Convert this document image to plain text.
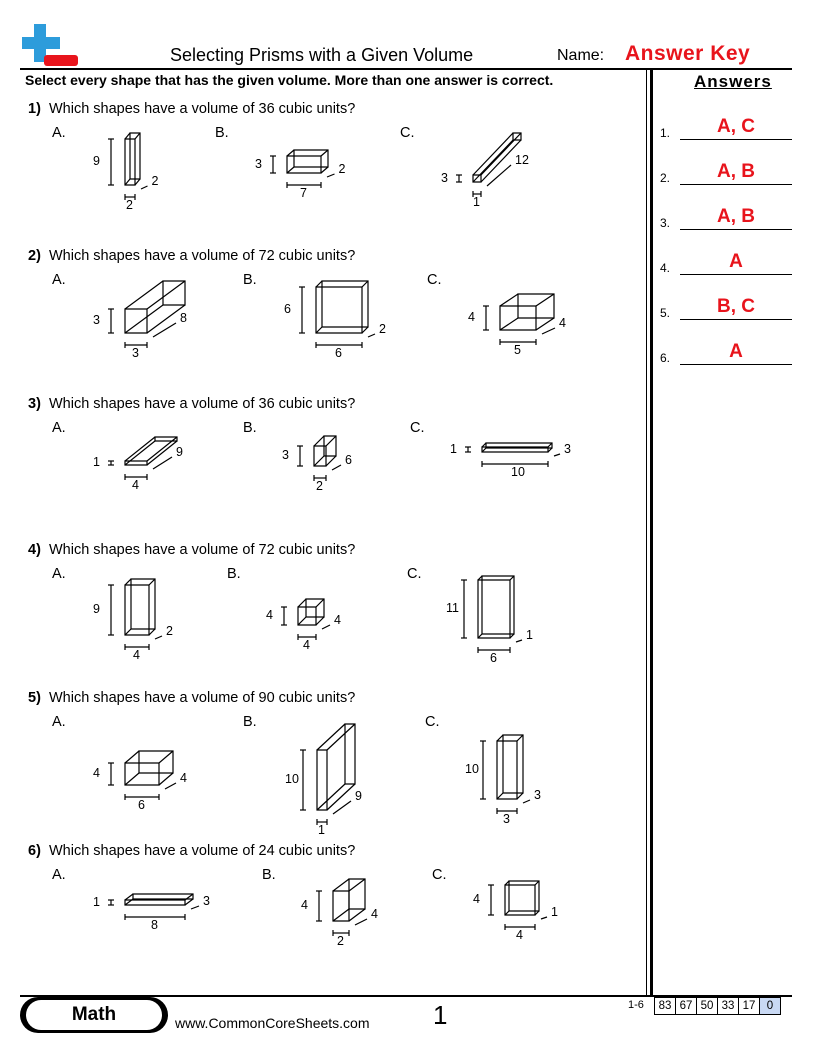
Selecting Prisms with a Given Volume	Name: Answer Key
Select every shape that has the given volume. More than one answer is correct.	Answers
1.	A, C
2.	A, B
3.	A, B
4.	A
5.	B, C
6.	A
1) Which shapes have a volume of 36 cubic units?
A.
9
2
2
B.
3	2
7
C.
3
12
1
2) Which shapes have a volume of 72 cubic units?
A.
3	8
3
B.
6
2
6
C.
4	4
5
3) Which shapes have a volume of 36 cubic units?
A.
1
9
4
B.
3	6
2
C.
1	3
10
4) Which shapes have a volume of 72 cubic units?
A.
9
2
4
B.
4	4
4
C.
11
1
6
5) Which shapes have a volume of 90 cubic units?
A.
4	4
6
B.
10
9
1
C.
10
3
3
6) Which shapes have a volume of 24 cubic units?
A.
1	3
8
B.
4
4
2
C.
4
1
4
Math	www.CommonCoreSheets.com 1	1-6	83 67 50 33 17 0
